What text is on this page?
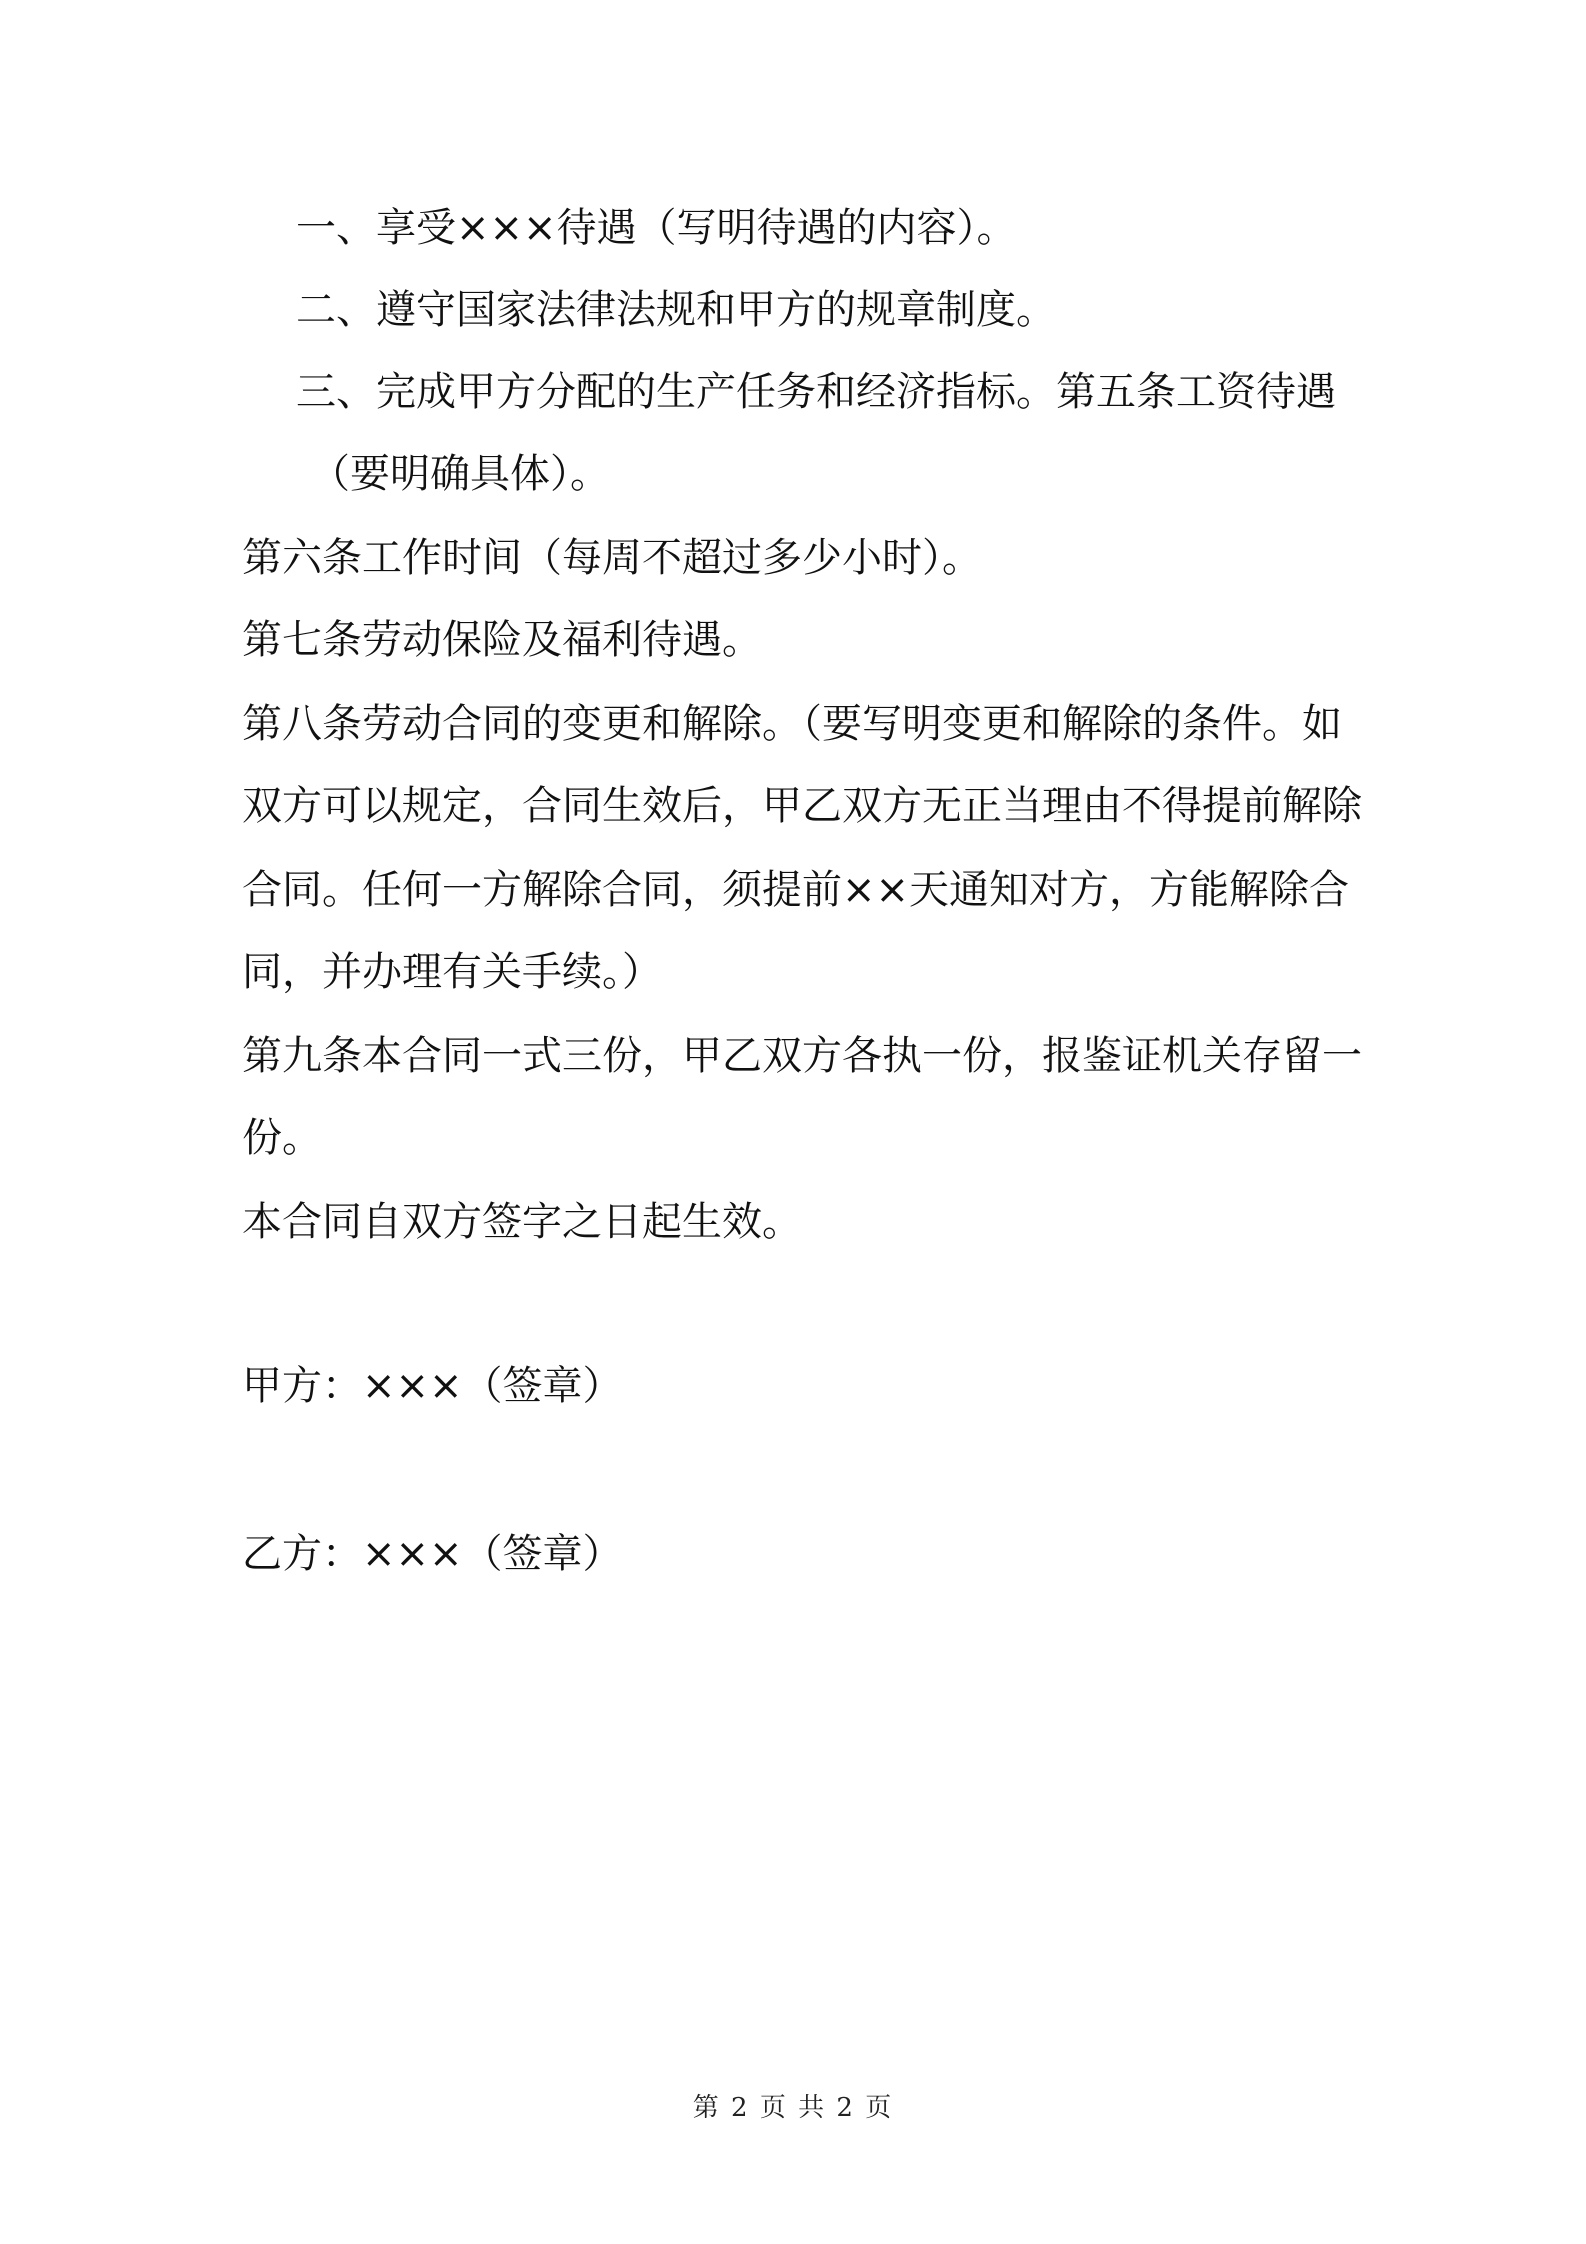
一、享受×××待遇（写明待遇的内容）。
二、遵守国家法律法规和甲方的规章制度。
三、完成甲方分配的生产任务和经济指标。第五条工资待遇
（要明确具体）。
第六条工作时间（每周不超过多少小时）。
第七条劳动保险及福利待遇。
第八条劳动合同的变更和解除。（要写明变更和解除的条件。如
双方可以规定，合同生效后，甲乙双方无正当理由不得提前解除
合同。任何一方解除合同，须提前××天通知对方，方能解除合
同，并办理有关手续。）
第九条本合同一式三份，甲乙双方各执一份，报鉴证机关存留一
份。
本合同自双方签字之日起生效。
甲方：×××（签章）
乙方：×××（签章）
第 2 页 共 2 页
